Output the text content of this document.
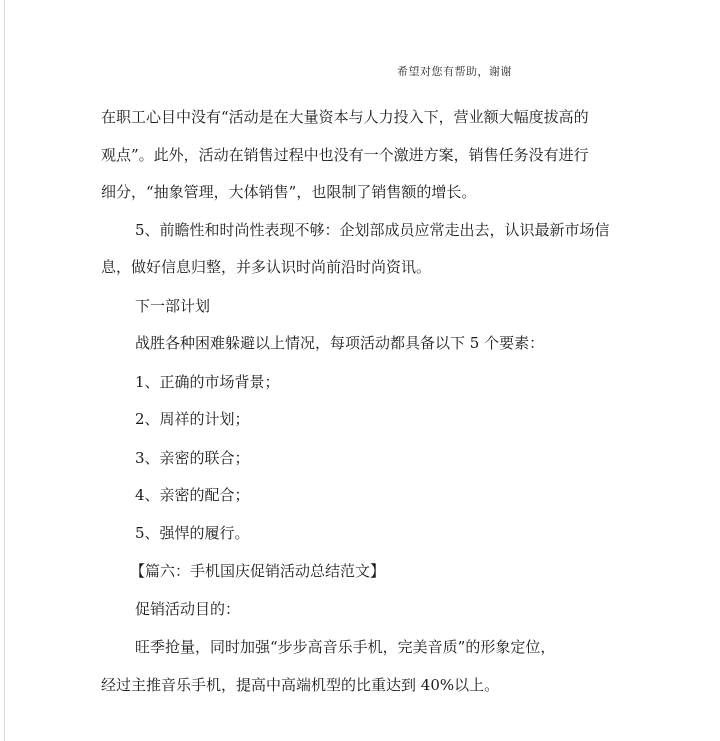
希望对您有帮助，谢谢
在职工心目中没有“活动是在大量资本与人力投入下，营业额大幅度拔高的
观点”。此外，活动在销售过程中也没有一个激进方案，销售任务没有进行
细分，“抽象管理，大体销售”，也限制了销售额的增长。
5、前瞻性和时尚性表现不够：企划部成员应常走出去，认识最新市场信
息，做好信息归整，并多认识时尚前沿时尚资讯。
下一部计划
战胜各种困难躲避以上情况，每项活动都具备以下 5 个要素：
1、正确的市场背景；
2、周祥的计划；
3、亲密的联合；
4、亲密的配合；
5、强悍的履行。
【篇六：手机国庆促销活动总结范文】
促销活动目的：
旺季抢量，同时加强“步步高音乐手机，完美音质”的形象定位，
经过主推音乐手机，提高中高端机型的比重达到 40%以上。
